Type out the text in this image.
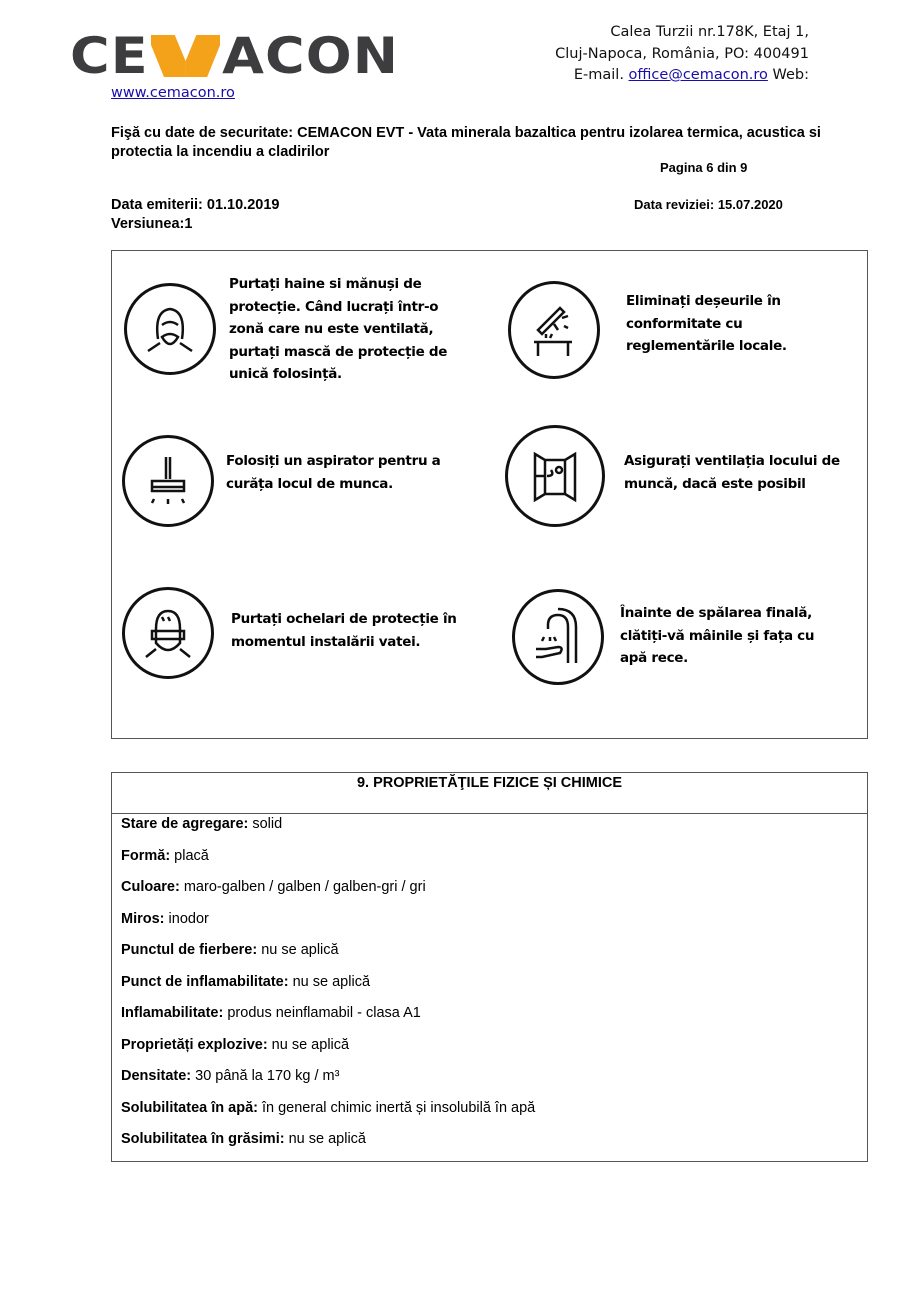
CE ACON	Calea Turzii nr.178K, Etaj 1,
Cluj-Napoca, România, PO: 400491
E-mail. office@cemacon.ro Web:
www.cemacon.ro
Fişă cu date de securitate: CEMACON EVT - Vata minerala bazaltica pentru izolarea termica, acustica si protectia la incendiu a cladirilor
Pagina 6 din 9
Data emiterii: 01.10.2019
Versiunea:1
Data reviziei: 15.07.2020
Purtați haine si mănuși de
protecție. Când lucrați într-o
zonă care nu este ventilată,
purtați mască de protecție de
unică folosință.
Eliminați deșeurile în
conformitate cu
reglementările locale.
Folosiți un aspirator pentru a
curăța locul de munca.
Asigurați ventilația locului de
muncă, dacă este posibil
Purtați ochelari de protecție în
momentul instalării vatei.
Înainte de spălarea finală,
clătiți-vă mâinile și fața cu
apă rece.
9. PROPRIETĂŢILE FIZICE ȘI CHIMICE
Stare de agregare: solid
Formă: placă
Culoare: maro-galben / galben / galben-gri / gri
Miros: inodor
Punctul de fierbere: nu se aplică
Punct de inflamabilitate: nu se aplică
Inflamabilitate: produs neinflamabil - clasa A1
Proprietăți explozive: nu se aplică
Densitate: 30 până la 170 kg / m³
Solubilitatea în apă: în general chimic inertă și insolubilă în apă
Solubilitatea în grăsimi: nu se aplică
